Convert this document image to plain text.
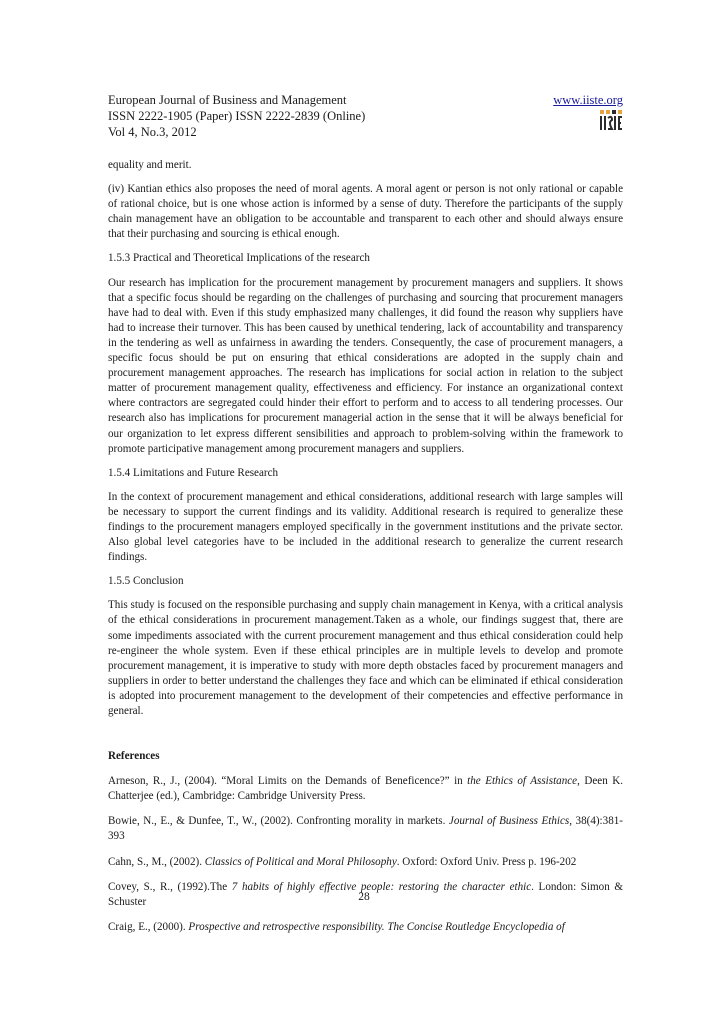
European Journal of Business and Management
ISSN 2222-1905 (Paper) ISSN 2222-2839 (Online)
Vol 4, No.3, 2012
www.iiste.org

equality and merit.

(iv) Kantian ethics also proposes the need of moral agents. A moral agent or person is not only rational or capable of rational choice, but is one whose action is informed by a sense of duty. Therefore the participants of the supply chain management have an obligation to be accountable and transparent to each other and should always ensure that their purchasing and sourcing is ethical enough.

1.5.3 Practical and Theoretical Implications of the research

Our research has implication for the procurement management by procurement managers and suppliers. It shows that a specific focus should be regarding on the challenges of purchasing and sourcing that procurement managers have had to deal with. Even if this study emphasized many challenges, it did found the reason why suppliers have had to increase their turnover. This has been caused by unethical tendering, lack of accountability and transparency in the tendering as well as unfairness in awarding the tenders. Consequently, the case of procurement managers, a specific focus should be put on ensuring that ethical considerations are adopted in the supply chain and procurement management approaches. The research has implications for social action in relation to the subject matter of procurement management quality, effectiveness and efficiency. For instance an organizational context where contractors are segregated could hinder their effort to perform and to access to all tendering processes. Our research also has implications for procurement managerial action in the sense that it will be always beneficial for our organization to let express different sensibilities and approach to problem-solving within the framework to promote participative management among procurement managers and suppliers.

1.5.4 Limitations and Future Research

In the context of procurement management and ethical considerations, additional research with large samples will be necessary to support the current findings and its validity. Additional research is required to generalize these findings to the procurement managers employed specifically in the government institutions and the private sector. Also global level categories have to be included in the additional research to generalize the current research findings.

1.5.5 Conclusion

This study is focused on the responsible purchasing and supply chain management in Kenya, with a critical analysis of the ethical considerations in procurement management.Taken as a whole, our findings suggest that, there are some impediments associated with the current procurement management and thus ethical consideration could help re-engineer the whole system. Even if these ethical principles are in multiple levels to develop and promote procurement management, it is imperative to study with more depth obstacles faced by procurement managers and suppliers in order to better understand the challenges they face and which can be eliminated if ethical consideration is adopted into procurement management to the development of their competencies and effective performance in general.

References

Arneson, R., J., (2004). “Moral Limits on the Demands of Beneficence?” in the Ethics of Assistance, Deen K. Chatterjee (ed.), Cambridge: Cambridge University Press.

Bowie, N., E., & Dunfee, T., W., (2002). Confronting morality in markets. Journal of Business Ethics, 38(4):381-393

Cahn, S., M., (2002). Classics of Political and Moral Philosophy. Oxford: Oxford Univ. Press p. 196-202

Covey, S., R., (1992).The 7 habits of highly effective people: restoring the character ethic. London: Simon & Schuster

Craig, E., (2000). Prospective and retrospective responsibility. The Concise Routledge Encyclopedia of

28
